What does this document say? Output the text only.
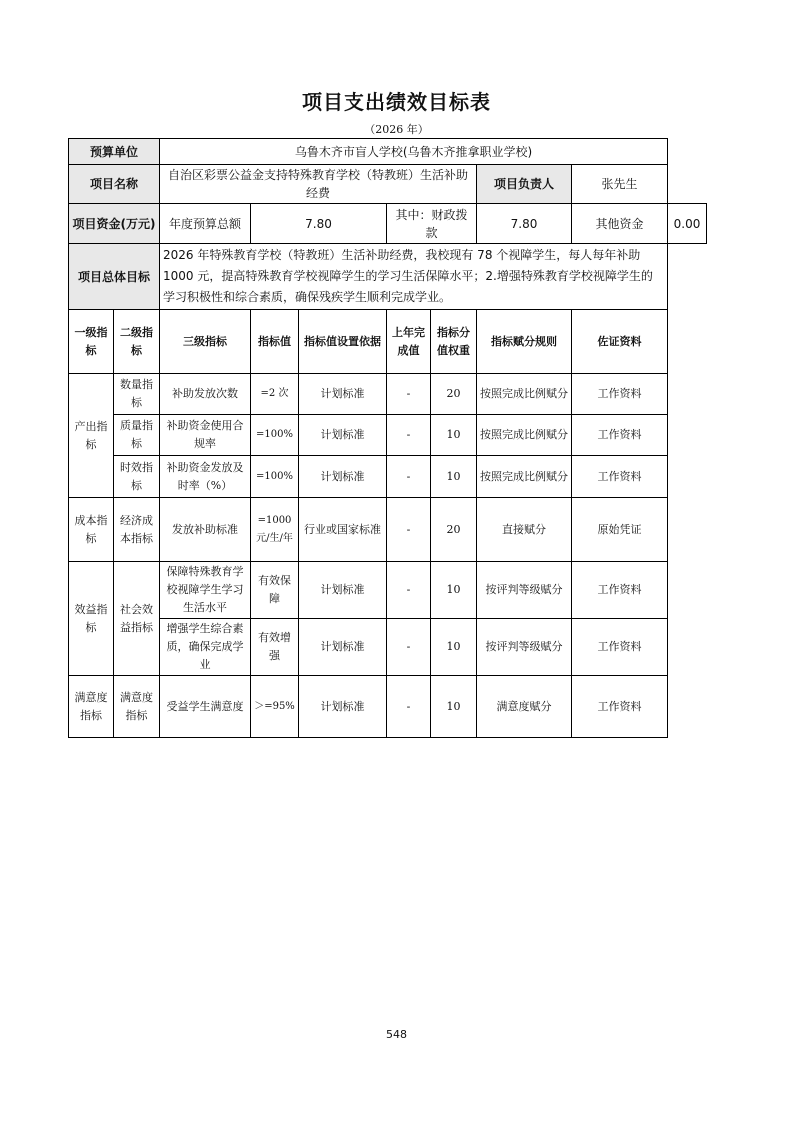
项目支出绩效目标表
（2026 年）
预算单位		乌鲁木齐市盲人学校(乌鲁木齐推拿职业学校)							
项目名称		自治区彩票公益金支持特殊教育学校（特教班）生活补助经费					项目负责人	张先生	
项目资金(万元)		年度预算总额	7.80		其中：财政拨款		7.80	其他资金	0.00
项目总体目标		2026 年特殊教育学校（特教班）生活补助经费，我校现有 78 个视障学生，每人每年补助 1000 元，提高特殊教育学校视障学生的学习生活保障水平；2.增强特殊教育学校视障学生的学习积极性和综合素质，确保残疾学生顺利完成学业。							
一级指标	二级指标	三级指标	指标值	指标值设置依据	上年完成值	指标分值权重	指标赋分规则	佐证资料	
产出指标	数量指标	补助发放次数	=2 次	计划标准	-	20	按照完成比例赋分	工作资料	
	质量指标	补助资金使用合规率	=100%	计划标准	-	10	按照完成比例赋分	工作资料	
	时效指标	补助资金发放及时率（%）	=100%	计划标准	-	10	按照完成比例赋分	工作资料	
成本指标	经济成本指标	发放补助标准	=1000元/生/年	行业或国家标准	-	20	直接赋分	原始凭证	
效益指标	社会效益指标	保障特殊教育学校视障学生学习生活水平	有效保障	计划标准	-	10	按评判等级赋分	工作资料	
		增强学生综合素质，确保完成学业	有效增强	计划标准	-	10	按评判等级赋分	工作资料	
满意度指标	满意度指标	受益学生满意度	＞=95%	计划标准	-	10	满意度赋分	工作资料	
548
